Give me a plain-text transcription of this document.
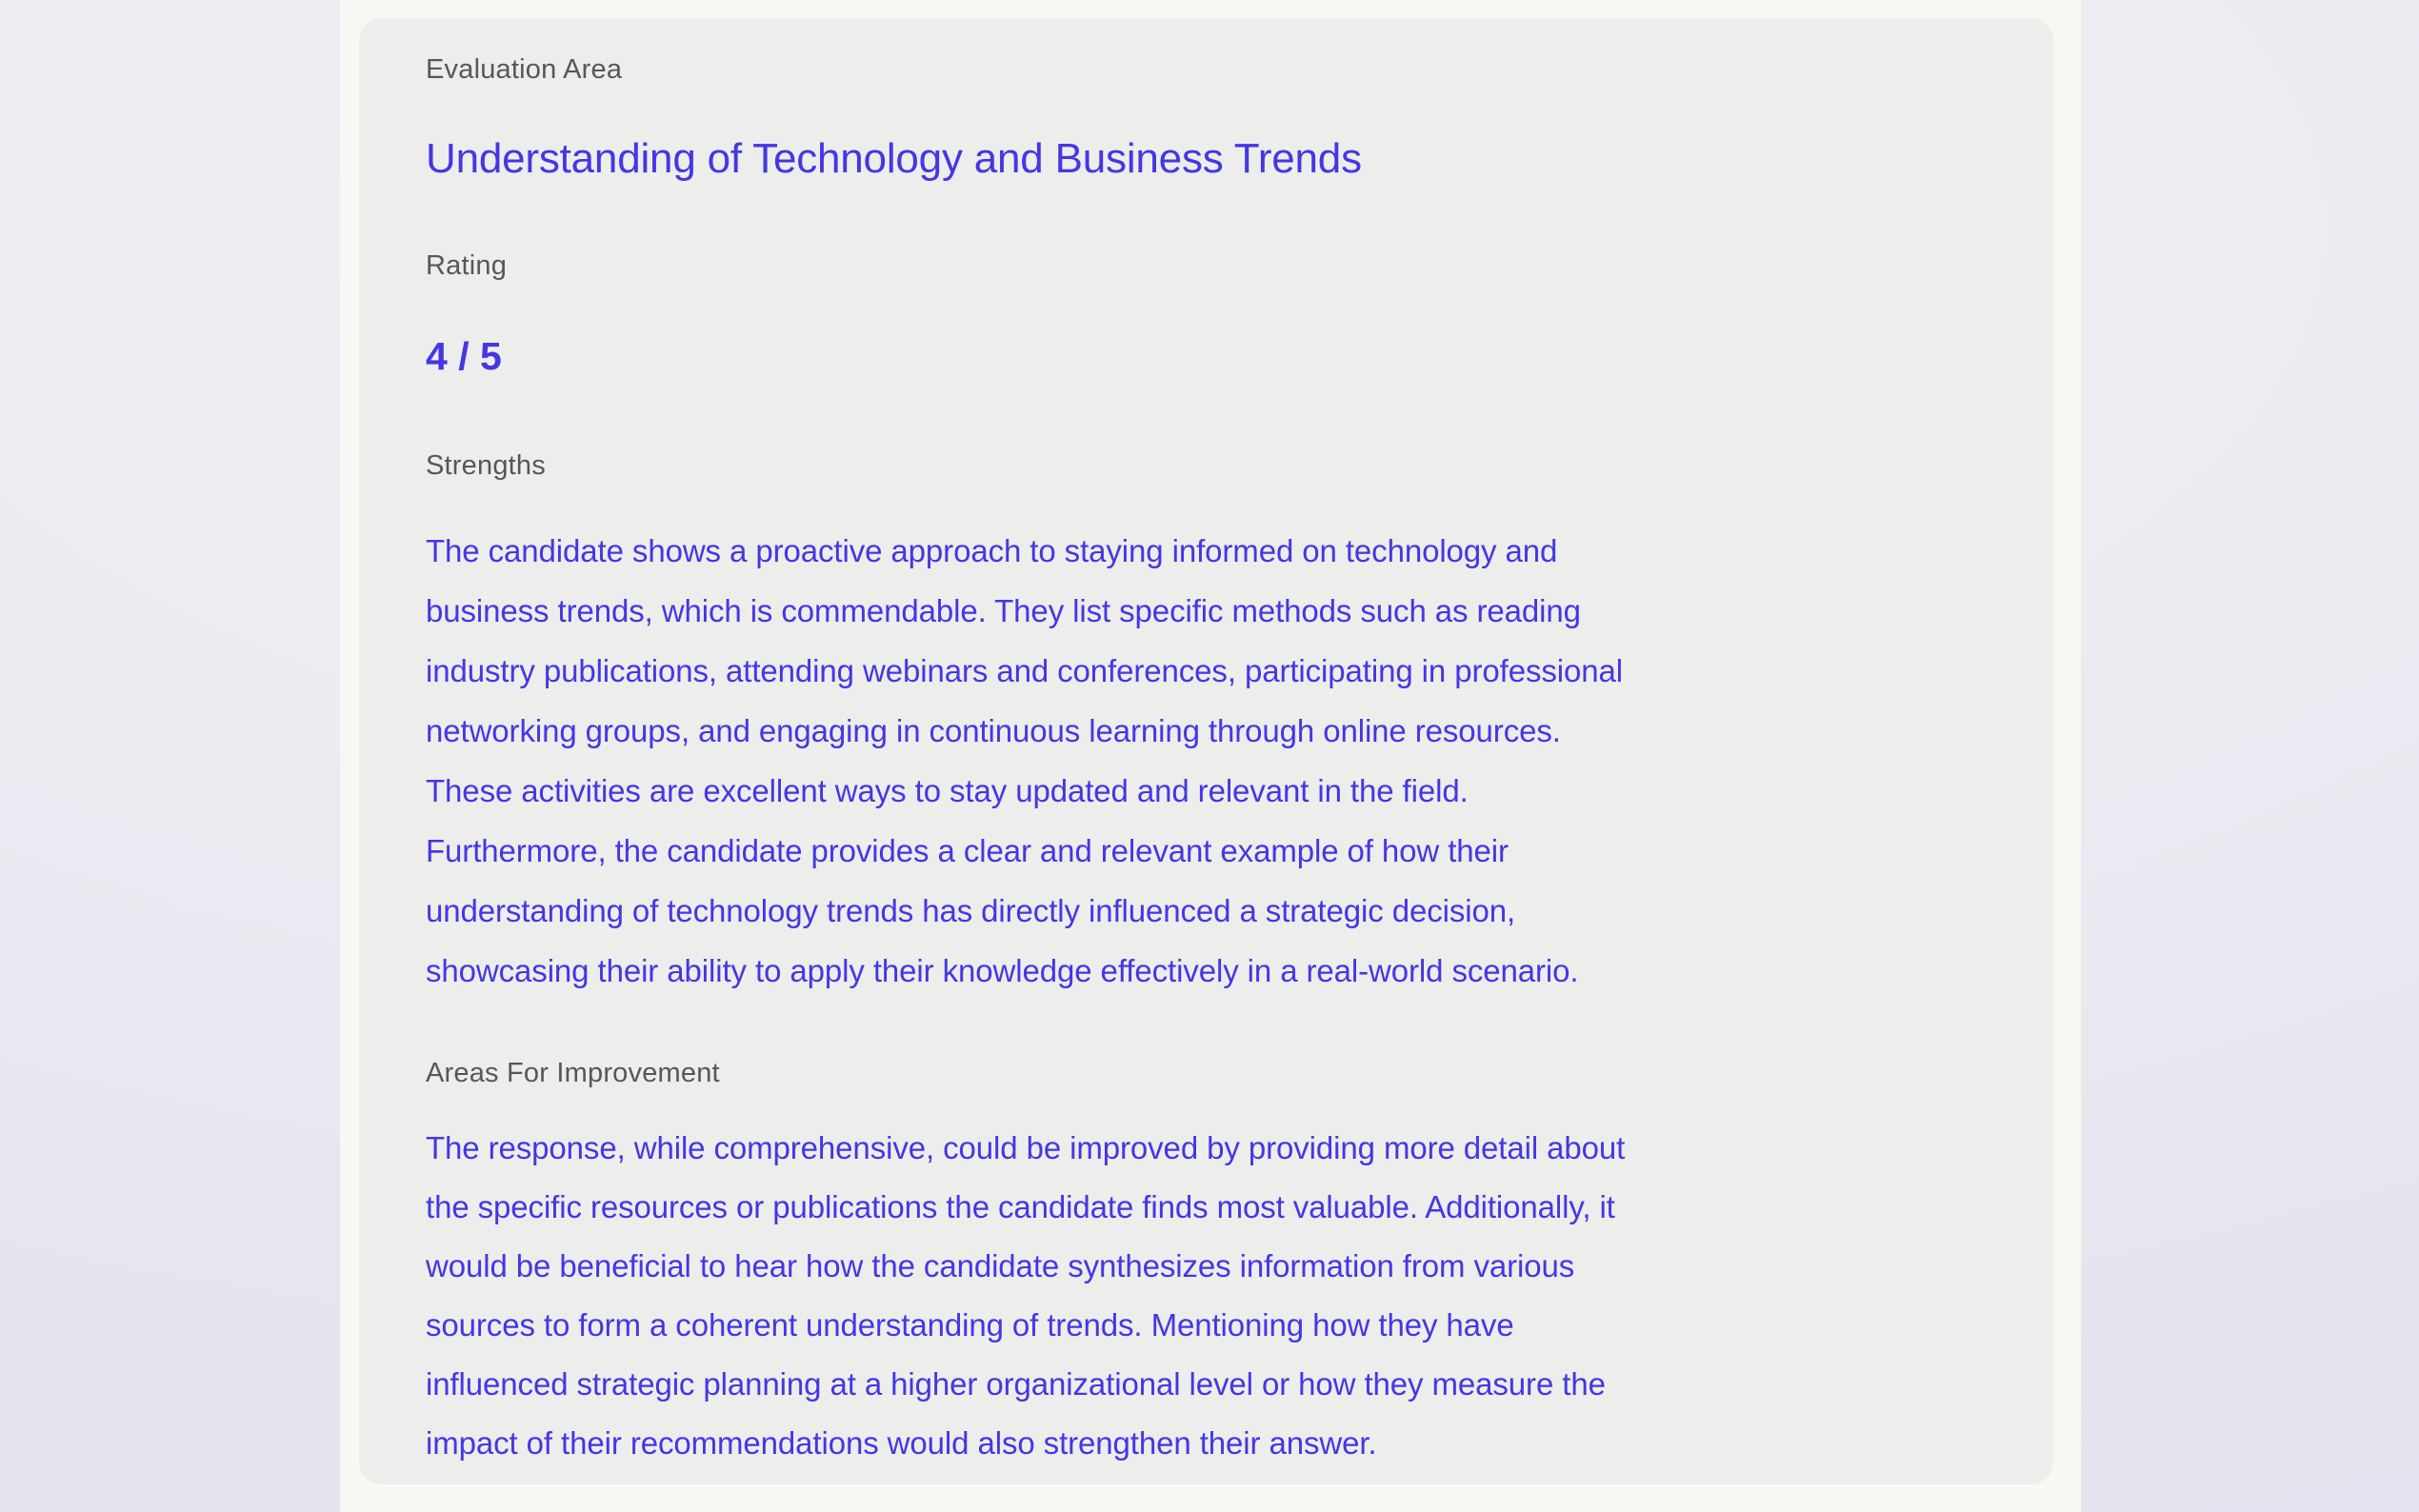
Evaluation Area
Understanding of Technology and Business Trends
Rating
4 / 5
Strengths
The candidate shows a proactive approach to staying informed on technology and
business trends, which is commendable. They list specific methods such as reading
industry publications, attending webinars and conferences, participating in professional
networking groups, and engaging in continuous learning through online resources.
These activities are excellent ways to stay updated and relevant in the field.
Furthermore, the candidate provides a clear and relevant example of how their
understanding of technology trends has directly influenced a strategic decision,
showcasing their ability to apply their knowledge effectively in a real-world scenario.
Areas For Improvement
The response, while comprehensive, could be improved by providing more detail about
the specific resources or publications the candidate finds most valuable. Additionally, it
would be beneficial to hear how the candidate synthesizes information from various
sources to form a coherent understanding of trends. Mentioning how they have
influenced strategic planning at a higher organizational level or how they measure the
impact of their recommendations would also strengthen their answer.
